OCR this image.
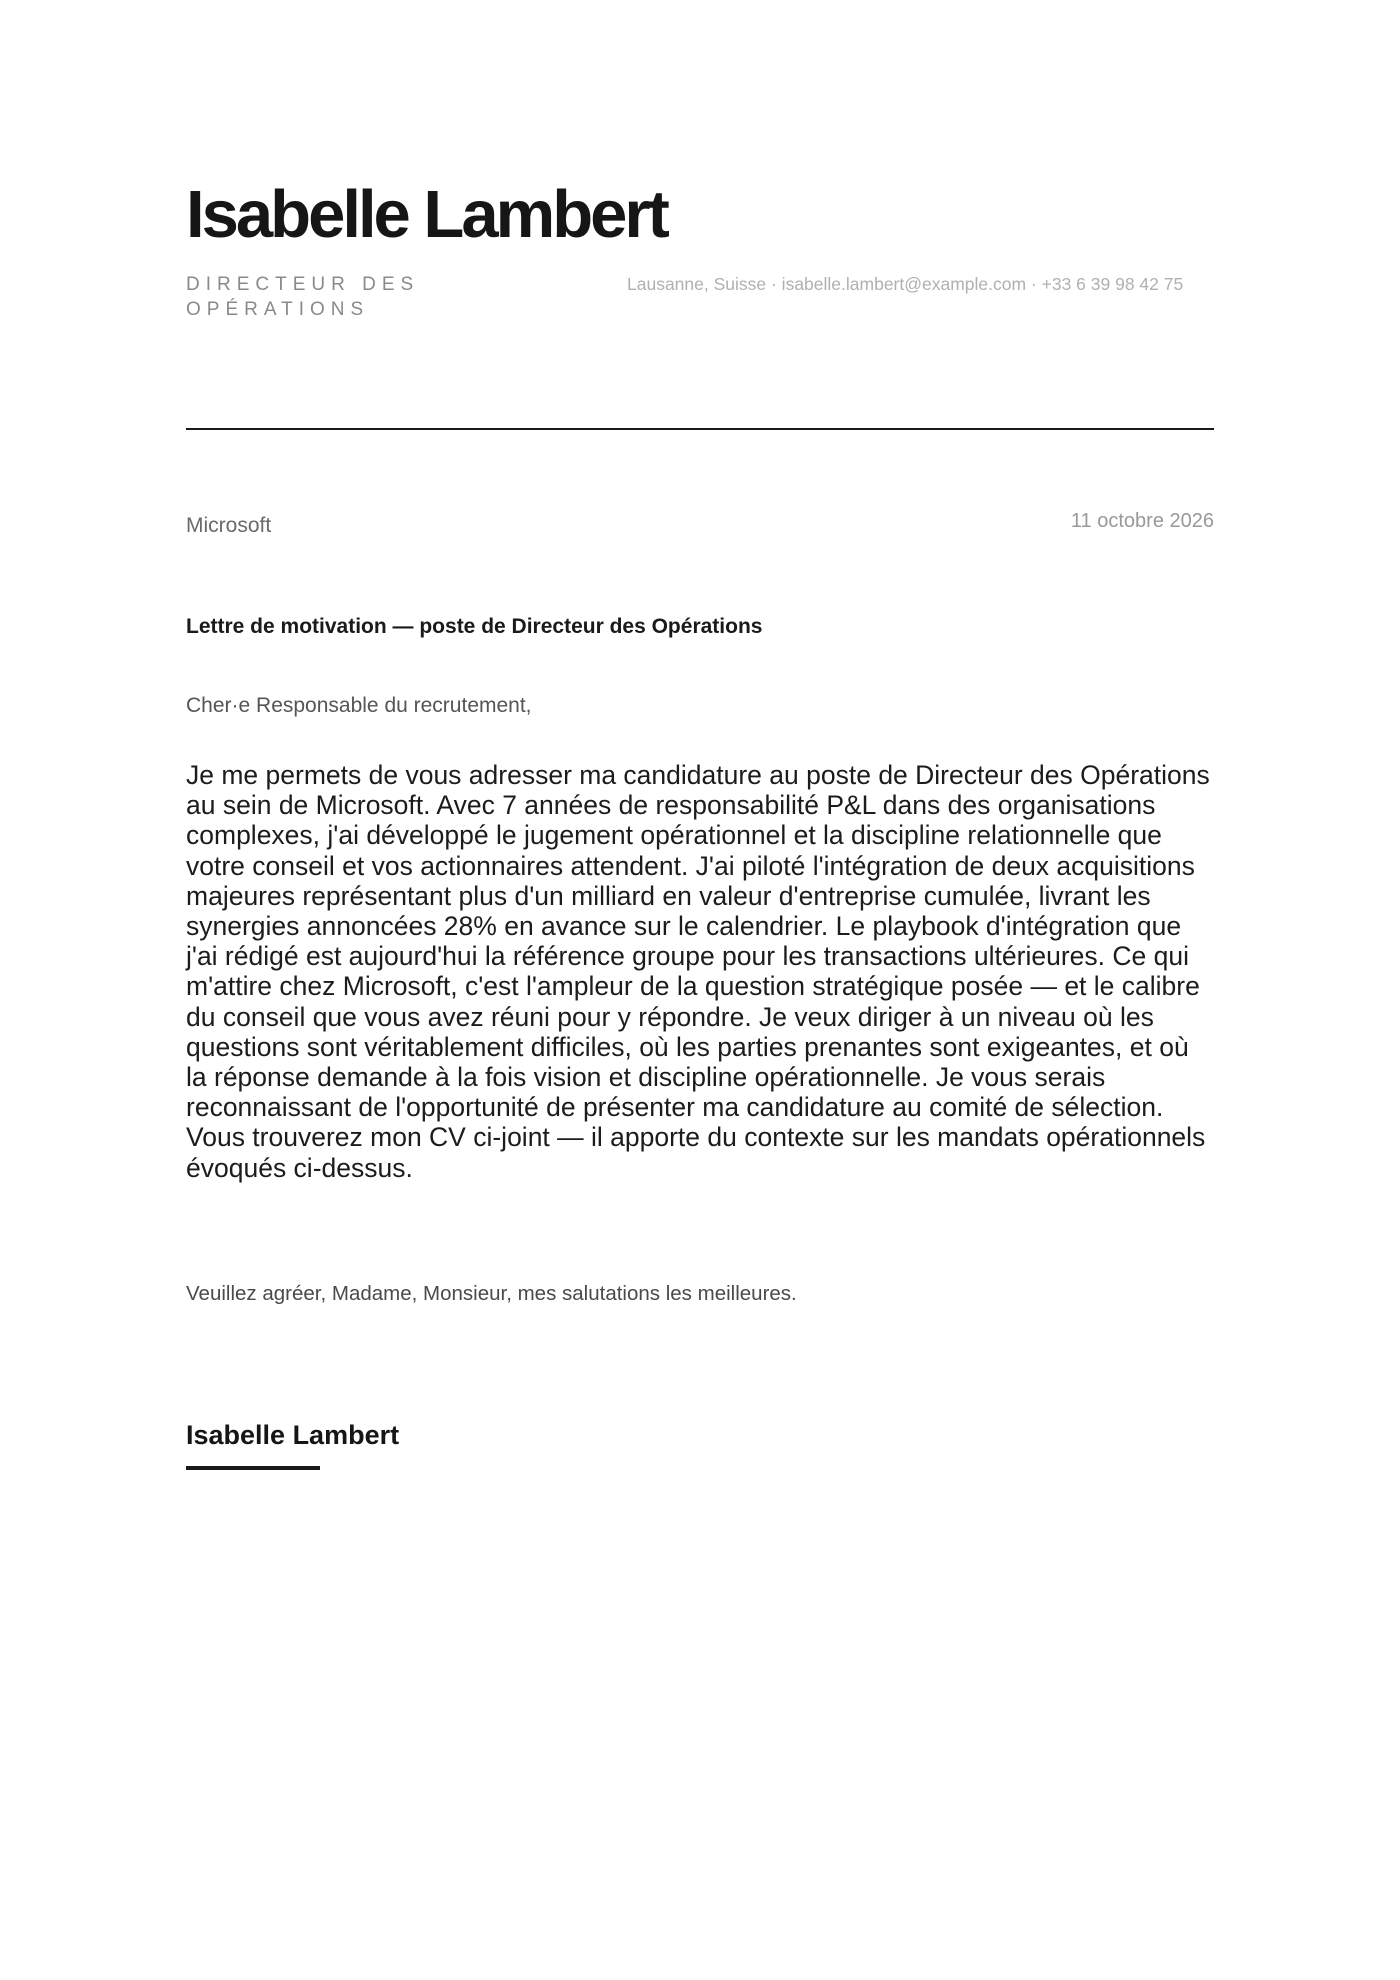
Isabelle Lambert
DIRECTEUR DES OPÉRATIONS
Lausanne, Suisse · isabelle.lambert@example.com · +33 6 39 98 42 75
Microsoft	11 octobre 2026
Lettre de motivation — poste de Directeur des Opérations
Cher·e Responsable du recrutement,

Je me permets de vous adresser ma candidature au poste de Directeur des Opérations au sein de Microsoft. Avec 7 années de responsabilité P&L dans des organisations complexes, j'ai développé le jugement opérationnel et la discipline relationnelle que votre conseil et vos actionnaires attendent. J'ai piloté l'intégration de deux acquisitions majeures représentant plus d'un milliard en valeur d'entreprise cumulée, livrant les synergies annoncées 28% en avance sur le calendrier. Le playbook d'intégration que j'ai rédigé est aujourd'hui la référence groupe pour les transactions ultérieures. Ce qui m'attire chez Microsoft, c'est l'ampleur de la question stratégique posée — et le calibre du conseil que vous avez réuni pour y répondre. Je veux diriger à un niveau où les questions sont véritablement difficiles, où les parties prenantes sont exigeantes, et où la réponse demande à la fois vision et discipline opérationnelle. Je vous serais reconnaissant de l'opportunité de présenter ma candidature au comité de sélection. Vous trouverez mon CV ci-joint — il apporte du contexte sur les mandats opérationnels évoqués ci-dessus.

Veuillez agréer, Madame, Monsieur, mes salutations les meilleures.
Isabelle Lambert
